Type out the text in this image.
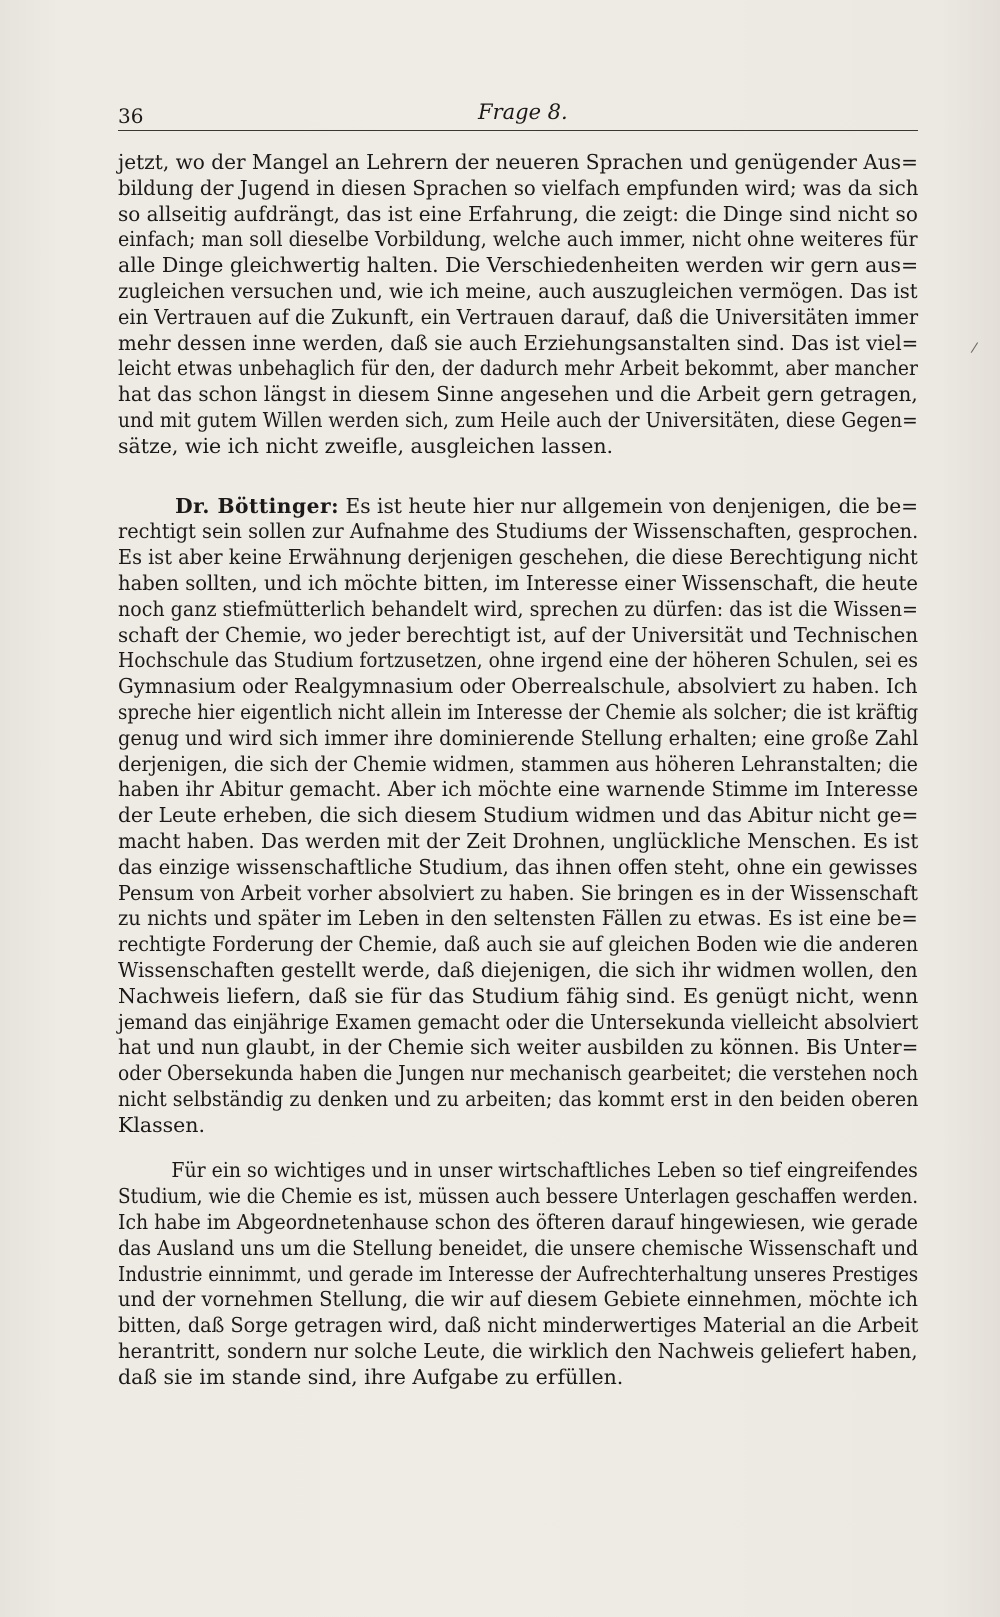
36	Frage 8.
/

jetzt, wo der Mangel an Lehrern der neueren Sprachen und genügender Aus=
bildung der Jugend in diesen Sprachen so vielfach empfunden wird; was da sich
so allseitig aufdrängt, das ist eine Erfahrung, die zeigt: die Dinge sind nicht so
einfach; man soll dieselbe Vorbildung, welche auch immer, nicht ohne weiteres für
alle Dinge gleichwertig halten. Die Verschiedenheiten werden wir gern aus=
zugleichen versuchen und, wie ich meine, auch auszugleichen vermögen. Das ist
ein Vertrauen auf die Zukunft, ein Vertrauen darauf, daß die Universitäten immer
mehr dessen inne werden, daß sie auch Erziehungsanstalten sind. Das ist viel=
leicht etwas unbehaglich für den, der dadurch mehr Arbeit bekommt, aber mancher
hat das schon längst in diesem Sinne angesehen und die Arbeit gern getragen,
und mit gutem Willen werden sich, zum Heile auch der Universitäten, diese Gegen=
sätze, wie ich nicht zweifle, ausgleichen lassen.

Dr. Böttinger: Es ist heute hier nur allgemein von denjenigen, die be=
rechtigt sein sollen zur Aufnahme des Studiums der Wissenschaften, gesprochen.
Es ist aber keine Erwähnung derjenigen geschehen, die diese Berechtigung nicht
haben sollten, und ich möchte bitten, im Interesse einer Wissenschaft, die heute
noch ganz stiefmütterlich behandelt wird, sprechen zu dürfen: das ist die Wissen=
schaft der Chemie, wo jeder berechtigt ist, auf der Universität und Technischen
Hochschule das Studium fortzusetzen, ohne irgend eine der höheren Schulen, sei es
Gymnasium oder Realgymnasium oder Oberrealschule, absolviert zu haben. Ich
spreche hier eigentlich nicht allein im Interesse der Chemie als solcher; die ist kräftig
genug und wird sich immer ihre dominierende Stellung erhalten; eine große Zahl
derjenigen, die sich der Chemie widmen, stammen aus höheren Lehranstalten; die
haben ihr Abitur gemacht. Aber ich möchte eine warnende Stimme im Interesse
der Leute erheben, die sich diesem Studium widmen und das Abitur nicht ge=
macht haben. Das werden mit der Zeit Drohnen, unglückliche Menschen. Es ist
das einzige wissenschaftliche Studium, das ihnen offen steht, ohne ein gewisses
Pensum von Arbeit vorher absolviert zu haben. Sie bringen es in der Wissenschaft
zu nichts und später im Leben in den seltensten Fällen zu etwas. Es ist eine be=
rechtigte Forderung der Chemie, daß auch sie auf gleichen Boden wie die anderen
Wissenschaften gestellt werde, daß diejenigen, die sich ihr widmen wollen, den
Nachweis liefern, daß sie für das Studium fähig sind. Es genügt nicht, wenn
jemand das einjährige Examen gemacht oder die Untersekunda vielleicht absolviert
hat und nun glaubt, in der Chemie sich weiter ausbilden zu können. Bis Unter=
oder Obersekunda haben die Jungen nur mechanisch gearbeitet; die verstehen noch
nicht selbständig zu denken und zu arbeiten; das kommt erst in den beiden oberen
Klassen.

Für ein so wichtiges und in unser wirtschaftliches Leben so tief eingreifendes
Studium, wie die Chemie es ist, müssen auch bessere Unterlagen geschaffen werden.
Ich habe im Abgeordnetenhause schon des öfteren darauf hingewiesen, wie gerade
das Ausland uns um die Stellung beneidet, die unsere chemische Wissenschaft und
Industrie einnimmt, und gerade im Interesse der Aufrechterhaltung unseres Prestiges
und der vornehmen Stellung, die wir auf diesem Gebiete einnehmen, möchte ich
bitten, daß Sorge getragen wird, daß nicht minderwertiges Material an die Arbeit
herantritt, sondern nur solche Leute, die wirklich den Nachweis geliefert haben,
daß sie im stande sind, ihre Aufgabe zu erfüllen.
